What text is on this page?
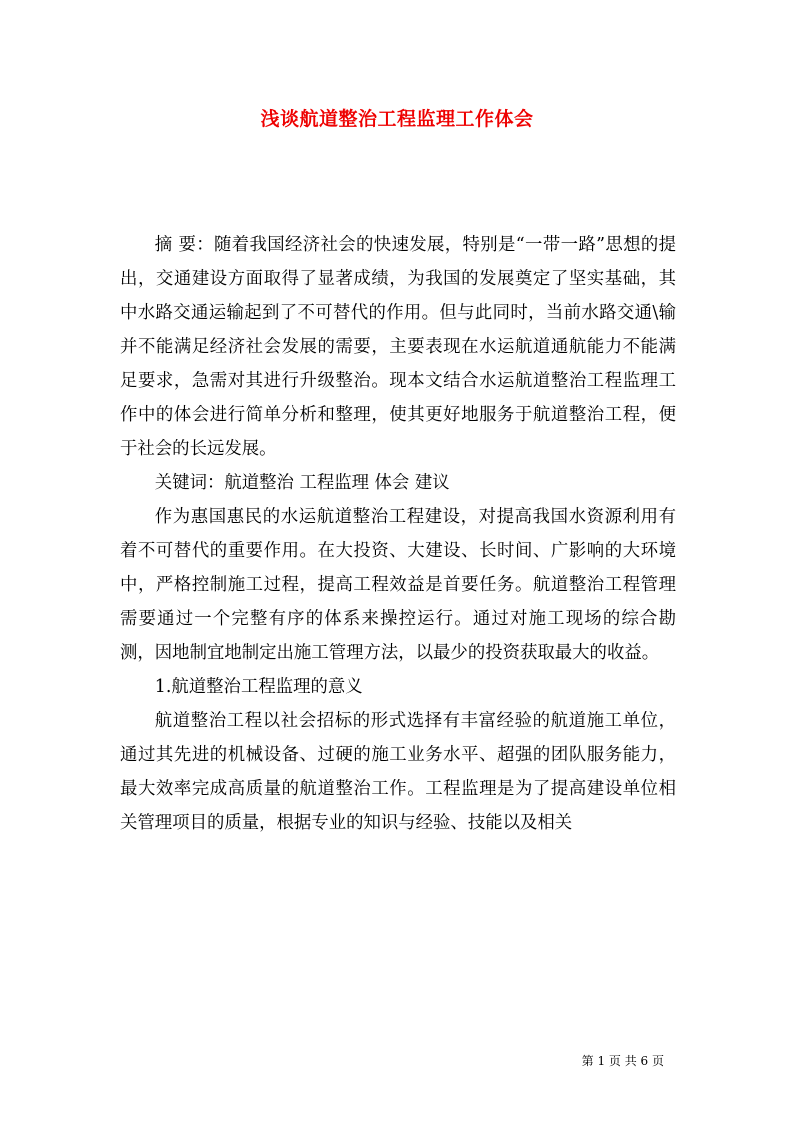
浅谈航道整治工程监理工作体会

摘 要：随着我国经济社会的快速发展，特别是“一带一路”思想的提出，交通建设方面取得了显著成绩，为我国的发展奠定了坚实基础，其中水路交通运输起到了不可替代的作用。但与此同时，当前水路交通\输并不能满足经济社会发展的需要，主要表现在水运航道通航能力不能满足要求，急需对其进行升级整治。现本文结合水运航道整治工程监理工作中的体会进行简单分析和整理，使其更好地服务于航道整治工程，便于社会的长远发展。

关键词：航道整治 工程监理 体会 建议

作为惠国惠民的水运航道整治工程建设，对提高我国水资源利用有着不可替代的重要作用。在大投资、大建设、长时间、广影响的大环境中，严格控制施工过程，提高工程效益是首要任务。航道整治工程管理需要通过一个完整有序的体系来操控运行。通过对施工现场的综合勘测，因地制宜地制定出施工管理方法，以最少的投资获取最大的收益。

1.航道整治工程监理的意义

航道整治工程以社会招标的形式选择有丰富经验的航道施工单位，通过其先进的机械设备、过硬的施工业务水平、超强的团队服务能力，最大效率完成高质量的航道整治工作。工程监理是为了提高建设单位相关管理项目的质量，根据专业的知识与经验、技能以及相关

第 1 页 共 6 页
